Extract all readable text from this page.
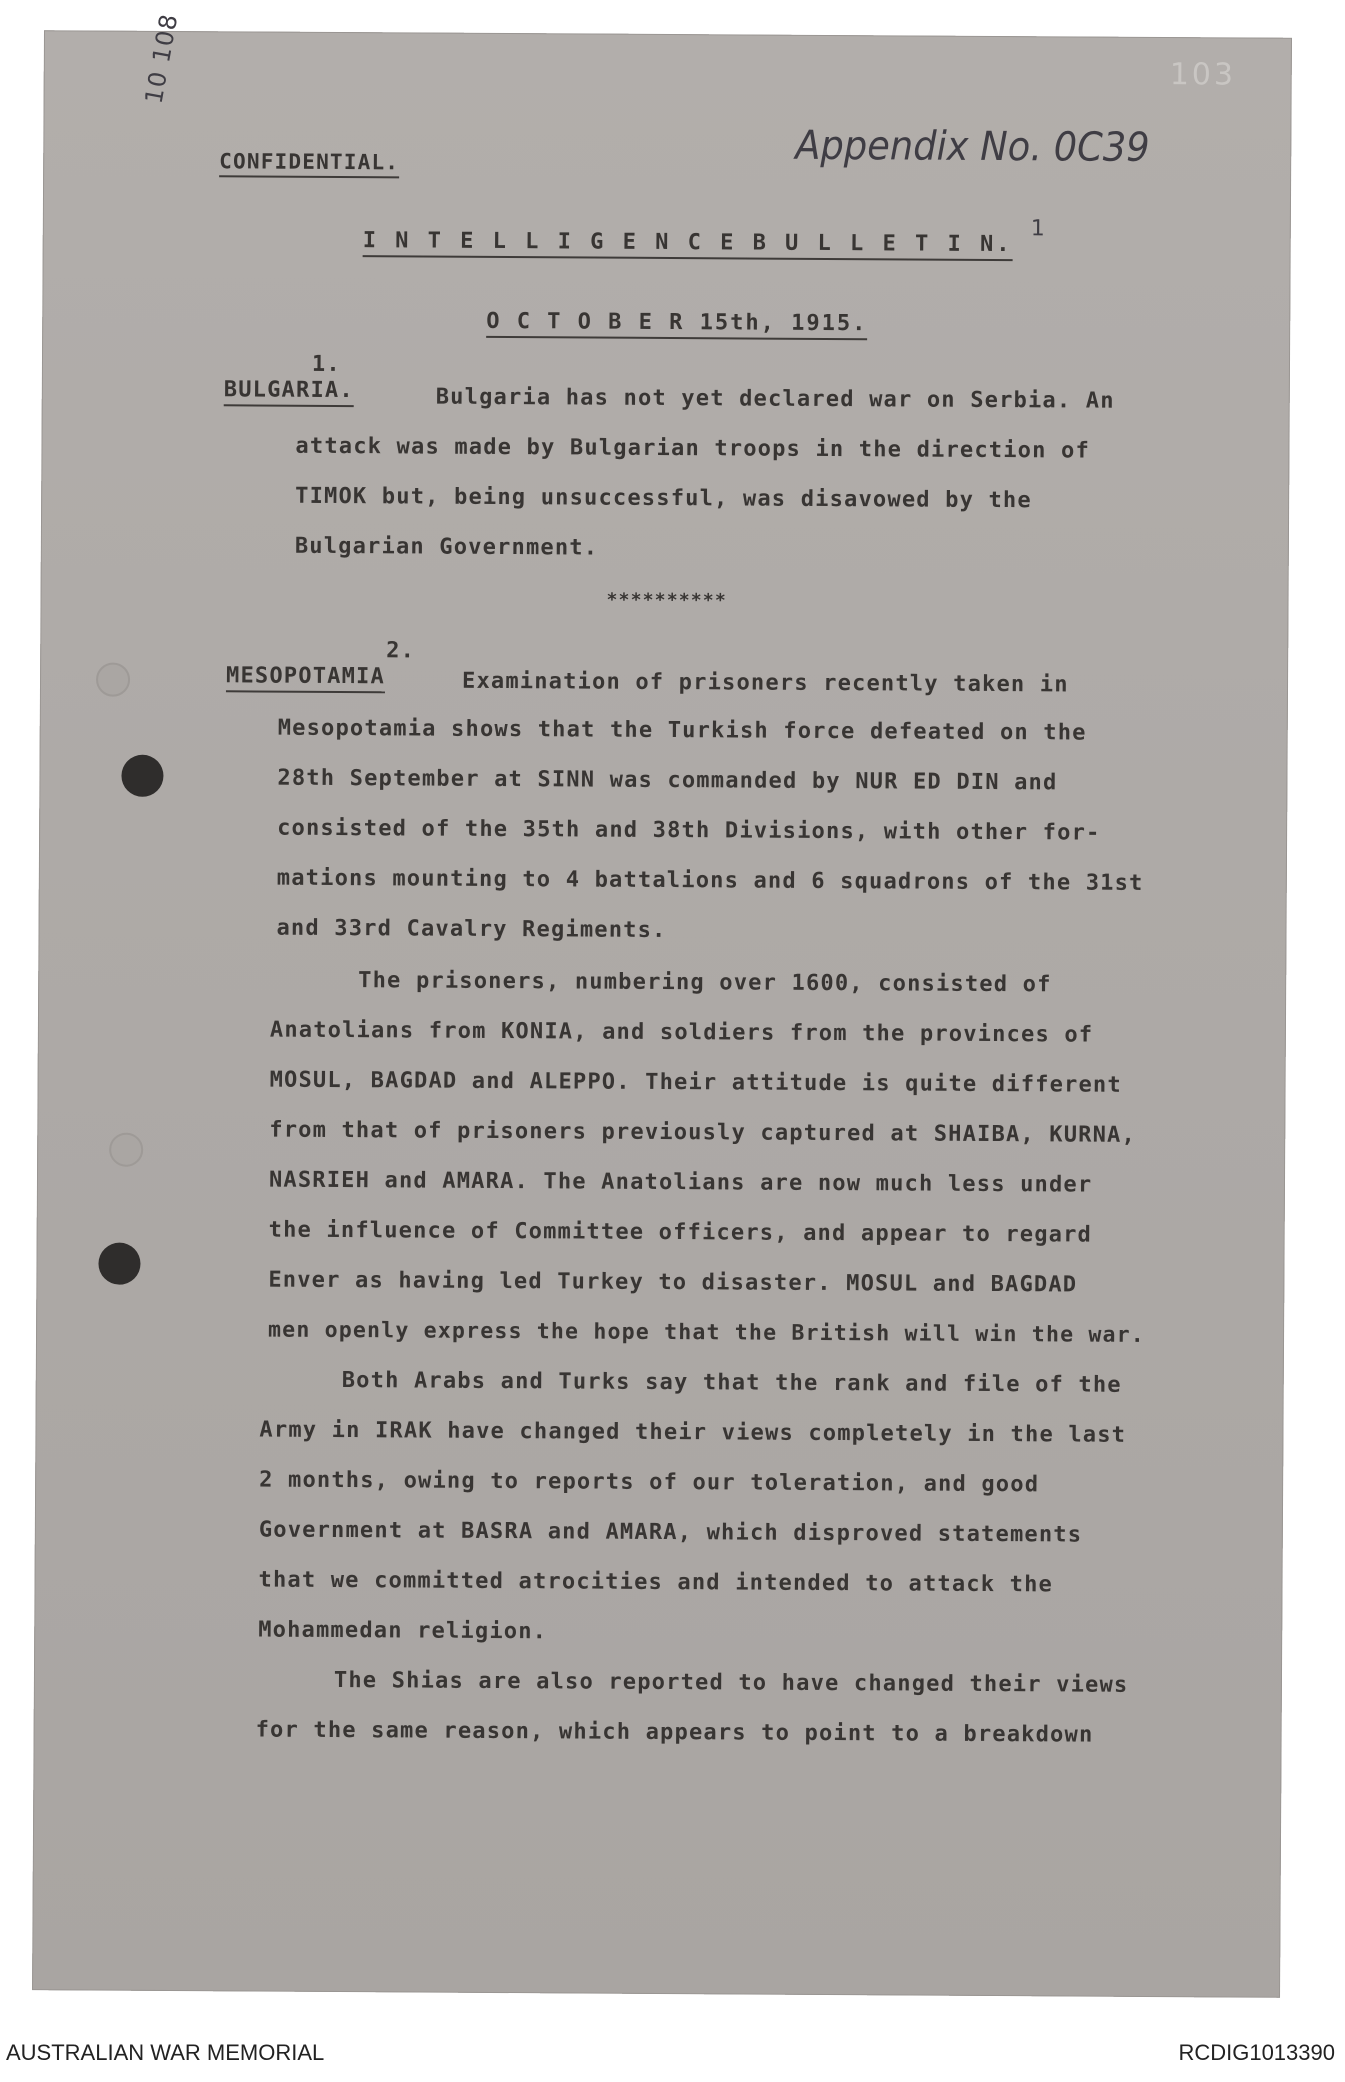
10 108	103
Appendix No. 0C39
1
CONFIDENTIAL.
I N T E L L I G E N C E B U L L E T I N.
O C T O B E R 15th, 1915.
1.
BULGARIA.	Bulgaria has not yet declared war on Serbia. An
attack was made by Bulgarian troops in the direction of
TIMOK but, being unsuccessful, was disavowed by the
Bulgarian Government.
**********
2.
MESOPOTAMIA	Examination of prisoners recently taken in
Mesopotamia shows that the Turkish force defeated on the
28th September at SINN was commanded by NUR ED DIN and
consisted of the 35th and 38th Divisions, with other for-
mations mounting to 4 battalions and 6 squadrons of the 31st
and 33rd Cavalry Regiments.
The prisoners, numbering over 1600, consisted of
Anatolians from KONIA, and soldiers from the provinces of
MOSUL, BAGDAD and ALEPPO. Their attitude is quite different
from that of prisoners previously captured at SHAIBA, KURNA,
NASRIEH and AMARA. The Anatolians are now much less under
the influence of Committee officers, and appear to regard
Enver as having led Turkey to disaster. MOSUL and BAGDAD
men openly express the hope that the British will win the war.
Both Arabs and Turks say that the rank and file of the
Army in IRAK have changed their views completely in the last
2 months, owing to reports of our toleration, and good
Government at BASRA and AMARA, which disproved statements
that we committed atrocities and intended to attack the
Mohammedan religion.
The Shias are also reported to have changed their views
for the same reason, which appears to point to a breakdown
AUSTRALIAN WAR MEMORIAL	RCDIG1013390
